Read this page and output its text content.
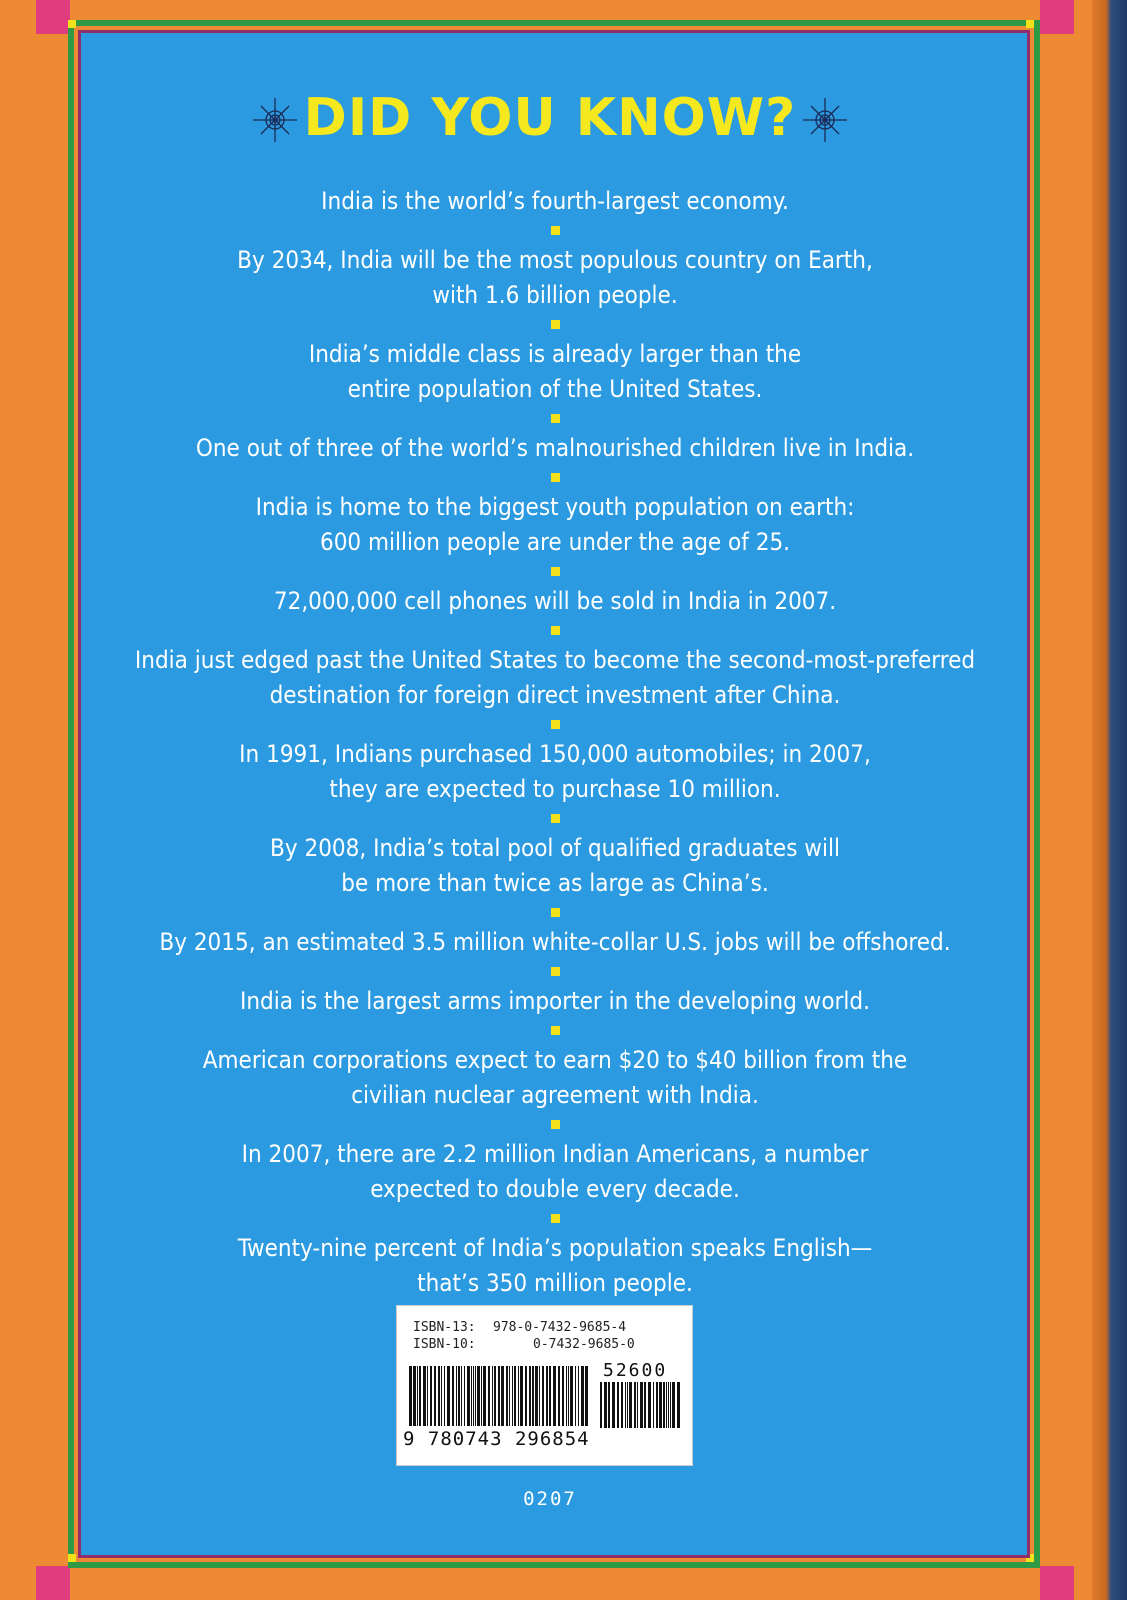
DID YOU KNOW?
India is the world’s fourth-largest economy.
By 2034, India will be the most populous country on Earth,
with 1.6 billion people.
India’s middle class is already larger than the
entire population of the United States.
One out of three of the world’s malnourished children live in India.
India is home to the biggest youth population on earth:
600 million people are under the age of 25.
72,000,000 cell phones will be sold in India in 2007.
India just edged past the United States to become the second-most-preferred
destination for foreign direct investment after China.
In 1991, Indians purchased 150,000 automobiles; in 2007,
they are expected to purchase 10 million.
By 2008, India’s total pool of qualified graduates will
be more than twice as large as China’s.
By 2015, an estimated 3.5 million white-collar U.S. jobs will be offshored.
India is the largest arms importer in the developing world.
American corporations expect to earn $20 to $40 billion from the
civilian nuclear agreement with India.
In 2007, there are 2.2 million Indian Americans, a number
expected to double every decade.
Twenty-nine percent of India’s population speaks English—
that’s 350 million people.
ISBN-13: 978-0-7432-9685-4
ISBN-10:	0-7432-9685-0
52600
9 780743 296854
0207
